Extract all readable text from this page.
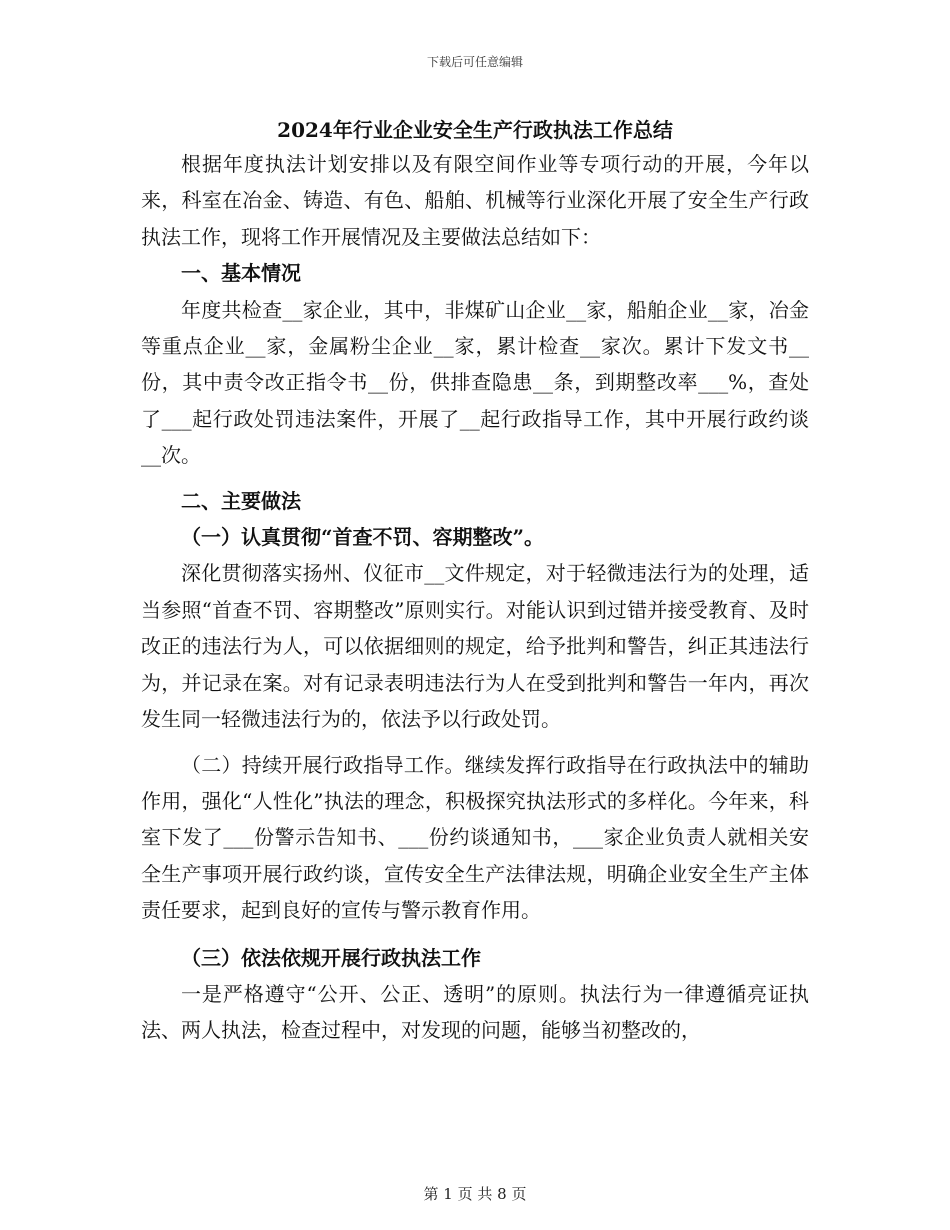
下载后可任意编辑
2024年行业企业安全生产行政执法工作总结

根据年度执法计划安排以及有限空间作业等专项行动的开展，今年以来，科室在冶金、铸造、有色、船舶、机械等行业深化开展了安全生产行政执法工作，现将工作开展情况及主要做法总结如下：

一、基本情况

年度共检查__家企业，其中，非煤矿山企业__家，船舶企业__家，冶金等重点企业__家，金属粉尘企业__家，累计检查__家次。累计下发文书__份，其中责令改正指令书__份，供排查隐患__条，到期整改率___%，查处了___起行政处罚违法案件，开展了__起行政指导工作，其中开展行政约谈__次。

二、主要做法

（一）认真贯彻“首查不罚、容期整改”。

深化贯彻落实扬州、仪征市__文件规定，对于轻微违法行为的处理，适当参照“首查不罚、容期整改”原则实行。对能认识到过错并接受教育、及时改正的违法行为人，可以依据细则的规定，给予批判和警告，纠正其违法行为，并记录在案。对有记录表明违法行为人在受到批判和警告一年内，再次发生同一轻微违法行为的，依法予以行政处罚。

（二）持续开展行政指导工作。继续发挥行政指导在行政执法中的辅助作用，强化“人性化”执法的理念，积极探究执法形式的多样化。今年来，科室下发了___份警示告知书、___份约谈通知书，___家企业负责人就相关安全生产事项开展行政约谈，宣传安全生产法律法规，明确企业安全生产主体责任要求，起到良好的宣传与警示教育作用。

（三）依法依规开展行政执法工作

一是严格遵守“公开、公正、透明”的原则。执法行为一律遵循亮证执法、两人执法，检查过程中，对发现的问题，能够当初整改的，

第 1 页 共 8 页
